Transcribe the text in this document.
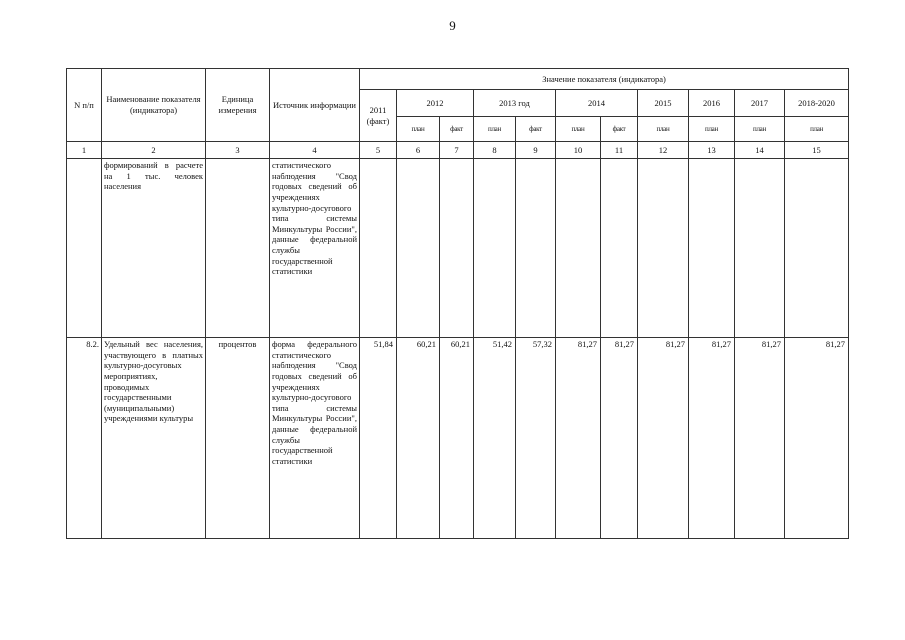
9
N п/п	Наименование показателя (индикатора)	Единица измерения	Источник информации	Значение показателя (индикатора)										
				2011 (факт)	2012		2013 год		2014		2015	2016	2017	2018-2020
					план	факт	план	факт	план	факт	план	план	план	план
1	2	3	4	5	6	7	8	9	10	11	12	13	14	15
	формирований в расчете на 1 тыс. человек населения		статистического наблюдения "Свод годовых сведений об учреждениях культурно-досугового типа системы Минкультуры России", данные федеральной службы государственной статистики											
8.2.	Удельный вес населения, участвующего в платных культурно-досуговых мероприятиях, проводимых государственными (муниципальными) учреждениями культуры	процентов	форма федерального статистического наблюдения "Свод годовых сведений об учреждениях культурно-досугового типа системы Минкультуры России", данные федеральной службы государственной статистики	51,84	60,21	60,21	51,42	57,32	81,27	81,27	81,27	81,27	81,27	81,27
